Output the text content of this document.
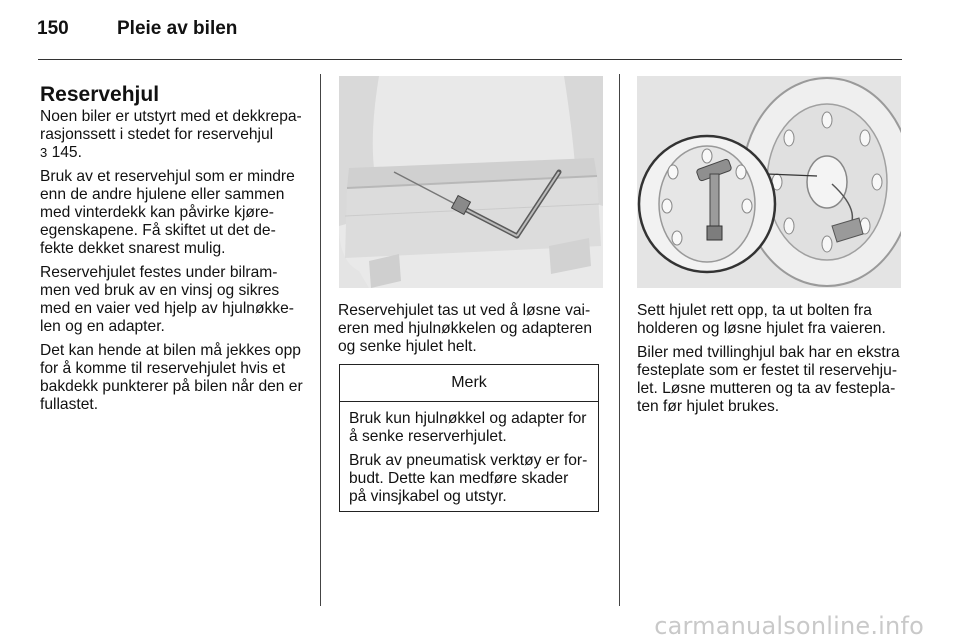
150	Pleie av bilen
Reservehjul

Noen biler er utstyrt med et dekkrepa-rasjonssett i stedet for reservehjul
3 145.

Bruk av et reservehjul som er mindre enn de andre hjulene eller sammen med vinterdekk kan påvirke kjøre-egenskapene. Få skiftet ut det de-fekte dekket snarest mulig.

Reservehjulet festes under bilram-men ved bruk av en vinsj og sikres med en vaier ved hjelp av hjulnøkke-len og en adapter.

Det kan hende at bilen må jekkes opp for å komme til reservehjulet hvis et bakdekk punkterer på bilen når den er fullastet.

Reservehjulet tas ut ved å løsne vai-eren med hjulnøkkelen og adapteren og senke hjulet helt.

Merk

Bruk kun hjulnøkkel og adapter for å senke reserverhjulet.

Bruk av pneumatisk verktøy er for-budt. Dette kan medføre skader på vinsjkabel og utstyr.

Sett hjulet rett opp, ta ut bolten fra holderen og løsne hjulet fra vaieren.

Biler med tvillinghjul bak har en ekstra festeplate som er festet til reservehju-let. Løsne mutteren og ta av festepla-ten før hjulet brukes.

carmanualsonline.info
